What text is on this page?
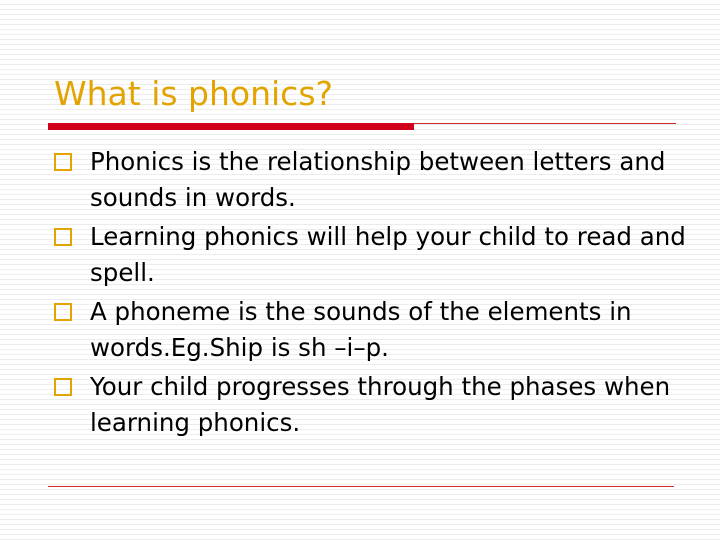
What is phonics?
Phonics is the relationship between letters and sounds in words.
Learning phonics will help your child to read and spell.
A phoneme is the sounds of the elements in words.Eg.Ship is sh –i–p.
Your child progresses through the phases when learning phonics.
